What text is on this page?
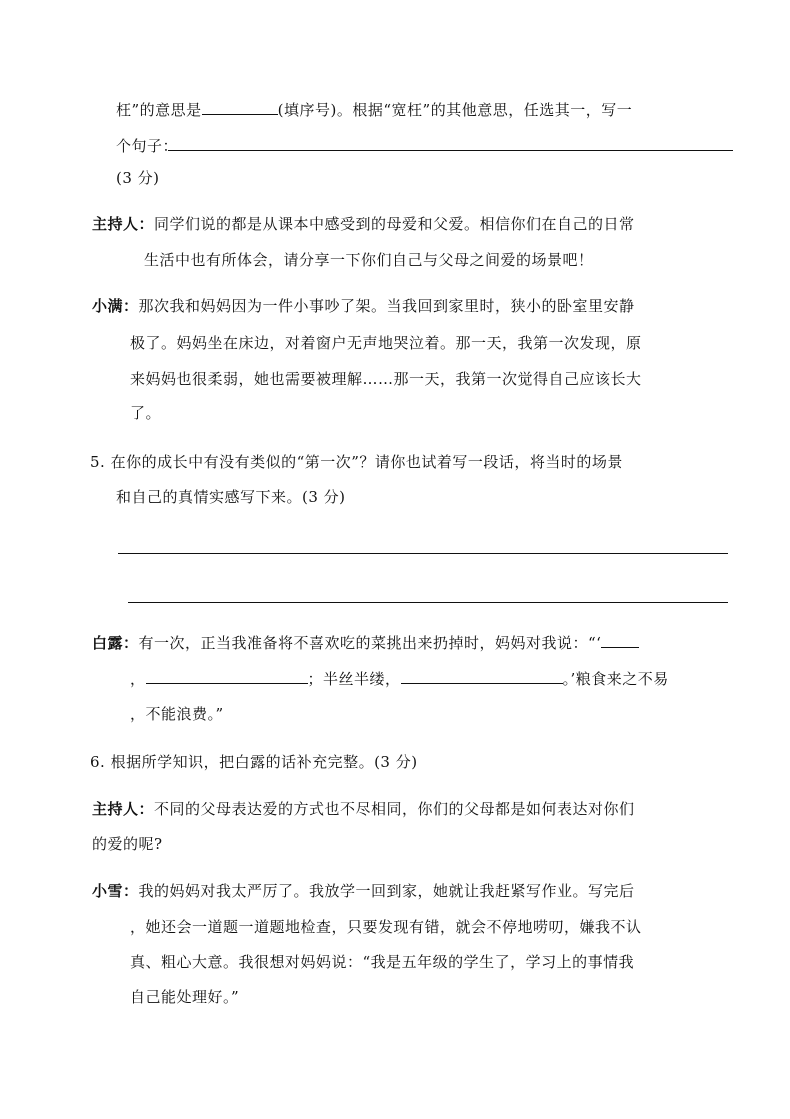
枉”的意思是	(填序号)。根据“宽枉”的其他意思，任选其一，写一
个句子：
(3 分)
主持人：同学们说的都是从课本中感受到的母爱和父爱。相信你们在自己的日常
生活中也有所体会，请分享一下你们自己与父母之间爱的场景吧！
小满：那次我和妈妈因为一件小事吵了架。当我回到家里时，狭小的卧室里安静
极了。妈妈坐在床边，对着窗户无声地哭泣着。那一天，我第一次发现，原
来妈妈也很柔弱，她也需要被理解……那一天，我第一次觉得自己应该长大
了。
5. 在你的成长中有没有类似的“第一次”？请你也试着写一段话，将当时的场景
和自己的真情实感写下来。(3 分)
白露：有一次，正当我准备将不喜欢吃的菜挑出来扔掉时，妈妈对我说：“‘
，	；半丝半缕，	。’粮食来之不易
，不能浪费。”
6. 根据所学知识，把白露的话补充完整。(3 分)
主持人：不同的父母表达爱的方式也不尽相同，你们的父母都是如何表达对你们
的爱的呢?
小雪：我的妈妈对我太严厉了。我放学一回到家，她就让我赶紧写作业。写完后
，她还会一道题一道题地检查，只要发现有错，就会不停地唠叨，嫌我不认
真、粗心大意。我很想对妈妈说：“我是五年级的学生了，学习上的事情我
自己能处理好。”
